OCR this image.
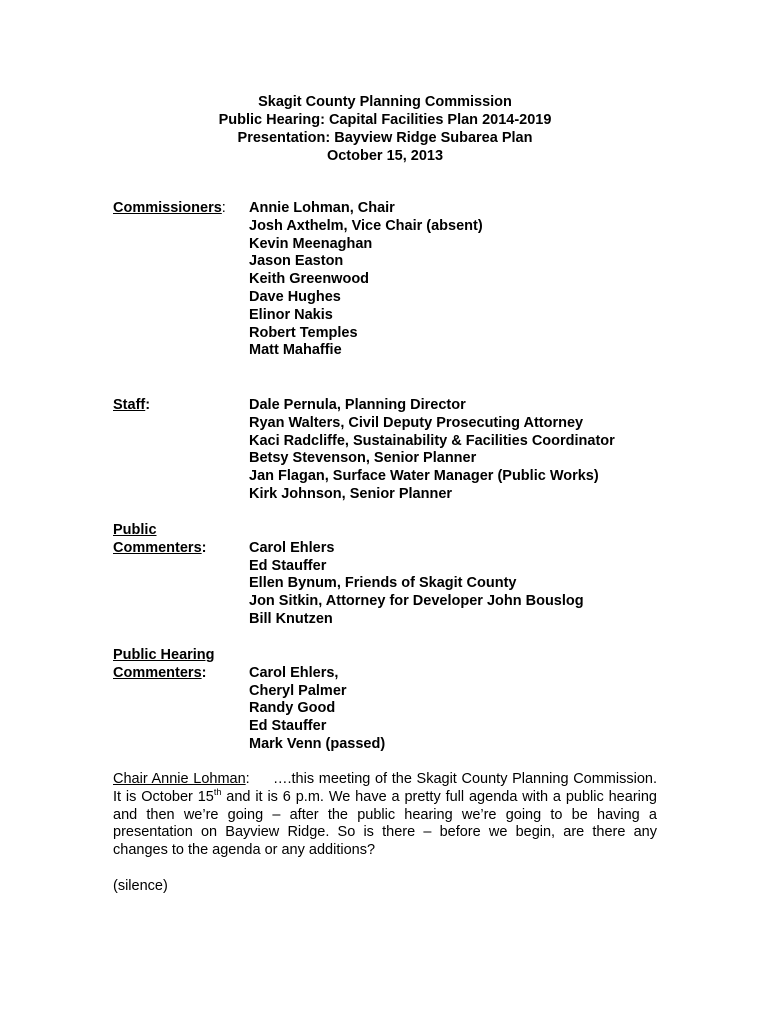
Skagit County Planning Commission
Public Hearing: Capital Facilities Plan 2014-2019
Presentation: Bayview Ridge Subarea Plan
October 15, 2013
Commissioners:	Annie Lohman, Chair
Josh Axthelm, Vice Chair (absent)
Kevin Meenaghan
Jason Easton
Keith Greenwood
Dave Hughes
Elinor Nakis
Robert Temples
Matt Mahaffie
Staff:	Dale Pernula, Planning Director
Ryan Walters, Civil Deputy Prosecuting Attorney
Kaci Radcliffe, Sustainability & Facilities Coordinator
Betsy Stevenson, Senior Planner
Jan Flagan, Surface Water Manager (Public Works)
Kirk Johnson, Senior Planner
Public
Commenters:	Carol Ehlers
Ed Stauffer
Ellen Bynum, Friends of Skagit County
Jon Sitkin, Attorney for Developer John Bouslog
Bill Knutzen
Public Hearing
Commenters:	Carol Ehlers,
Cheryl Palmer
Randy Good
Ed Stauffer
Mark Venn (passed)
Chair Annie Lohman: ….this meeting of the Skagit County Planning Commission. It is October 15th and it is 6 p.m. We have a pretty full agenda with a public hearing and then we’re going – after the public hearing we’re going to be having a presentation on Bayview Ridge. So is there – before we begin, are there any changes to the agenda or any additions?
(silence)
